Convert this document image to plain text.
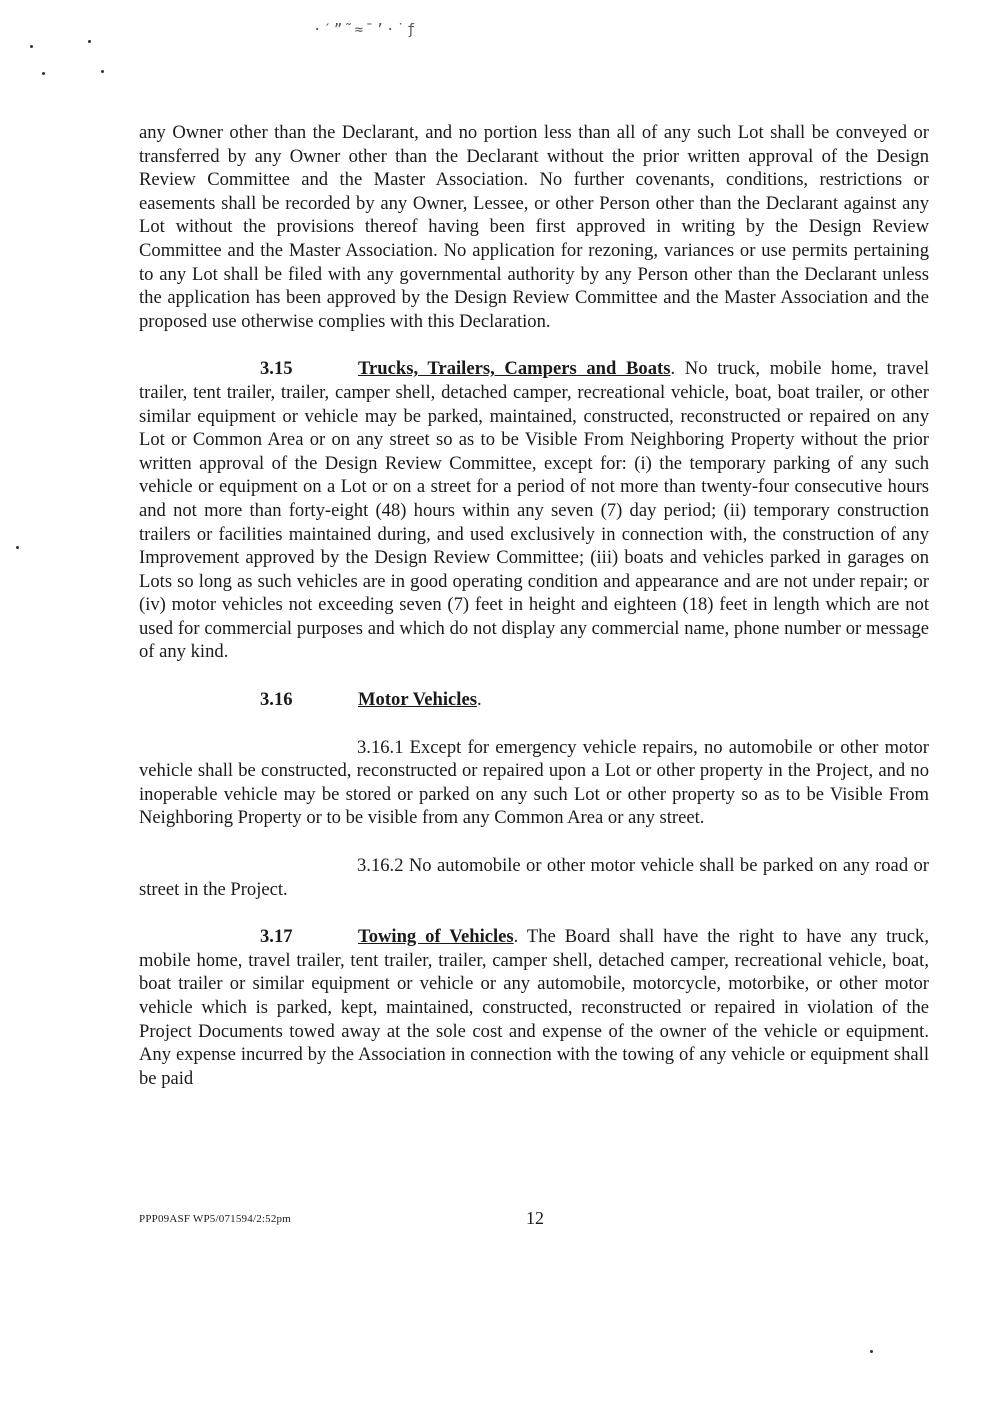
·′”˜≈ˉ’·˙ƒ

any Owner other than the Declarant, and no portion less than all of any such Lot shall be conveyed or transferred by any Owner other than the Declarant without the prior written approval of the Design Review Committee and the Master Association. No further covenants, conditions, restrictions or easements shall be recorded by any Owner, Lessee, or other Person other than the Declarant against any Lot without the provisions thereof having been first approved in writing by the Design Review Committee and the Master Association. No application for rezoning, variances or use permits pertaining to any Lot shall be filed with any governmental authority by any Person other than the Declarant unless the application has been approved by the Design Review Committee and the Master Association and the proposed use otherwise complies with this Declaration.

3.15	Trucks, Trailers, Campers and Boats. No truck, mobile home, travel trailer, tent trailer, trailer, camper shell, detached camper, recreational vehicle, boat, boat trailer, or other similar equipment or vehicle may be parked, maintained, constructed, reconstructed or repaired on any Lot or Common Area or on any street so as to be Visible From Neighboring Property without the prior written approval of the Design Review Committee, except for: (i) the temporary parking of any such vehicle or equipment on a Lot or on a street for a period of not more than twenty-four consecutive hours and not more than forty-eight (48) hours within any seven (7) day period; (ii) temporary construction trailers or facilities maintained during, and used exclusively in connection with, the construction of any Improvement approved by the Design Review Committee; (iii) boats and vehicles parked in garages on Lots so long as such vehicles are in good operating condition and appearance and are not under repair; or (iv) motor vehicles not exceeding seven (7) feet in height and eighteen (18) feet in length which are not used for commercial purposes and which do not display any commercial name, phone number or message of any kind.

3.16	Motor Vehicles.

3.16.1 Except for emergency vehicle repairs, no automobile or other motor vehicle shall be constructed, reconstructed or repaired upon a Lot or other property in the Project, and no inoperable vehicle may be stored or parked on any such Lot or other property so as to be Visible From Neighboring Property or to be visible from any Common Area or any street.

3.16.2 No automobile or other motor vehicle shall be parked on any road or street in the Project.

3.17	Towing of Vehicles. The Board shall have the right to have any truck, mobile home, travel trailer, tent trailer, trailer, camper shell, detached camper, recreational vehicle, boat, boat trailer or similar equipment or vehicle or any automobile, motorcycle, motorbike, or other motor vehicle which is parked, kept, maintained, constructed, reconstructed or repaired in violation of the Project Documents towed away at the sole cost and expense of the owner of the vehicle or equipment. Any expense incurred by the Association in connection with the towing of any vehicle or equipment shall be paid

PPP09ASF WP5/071594/2:52pm	12
